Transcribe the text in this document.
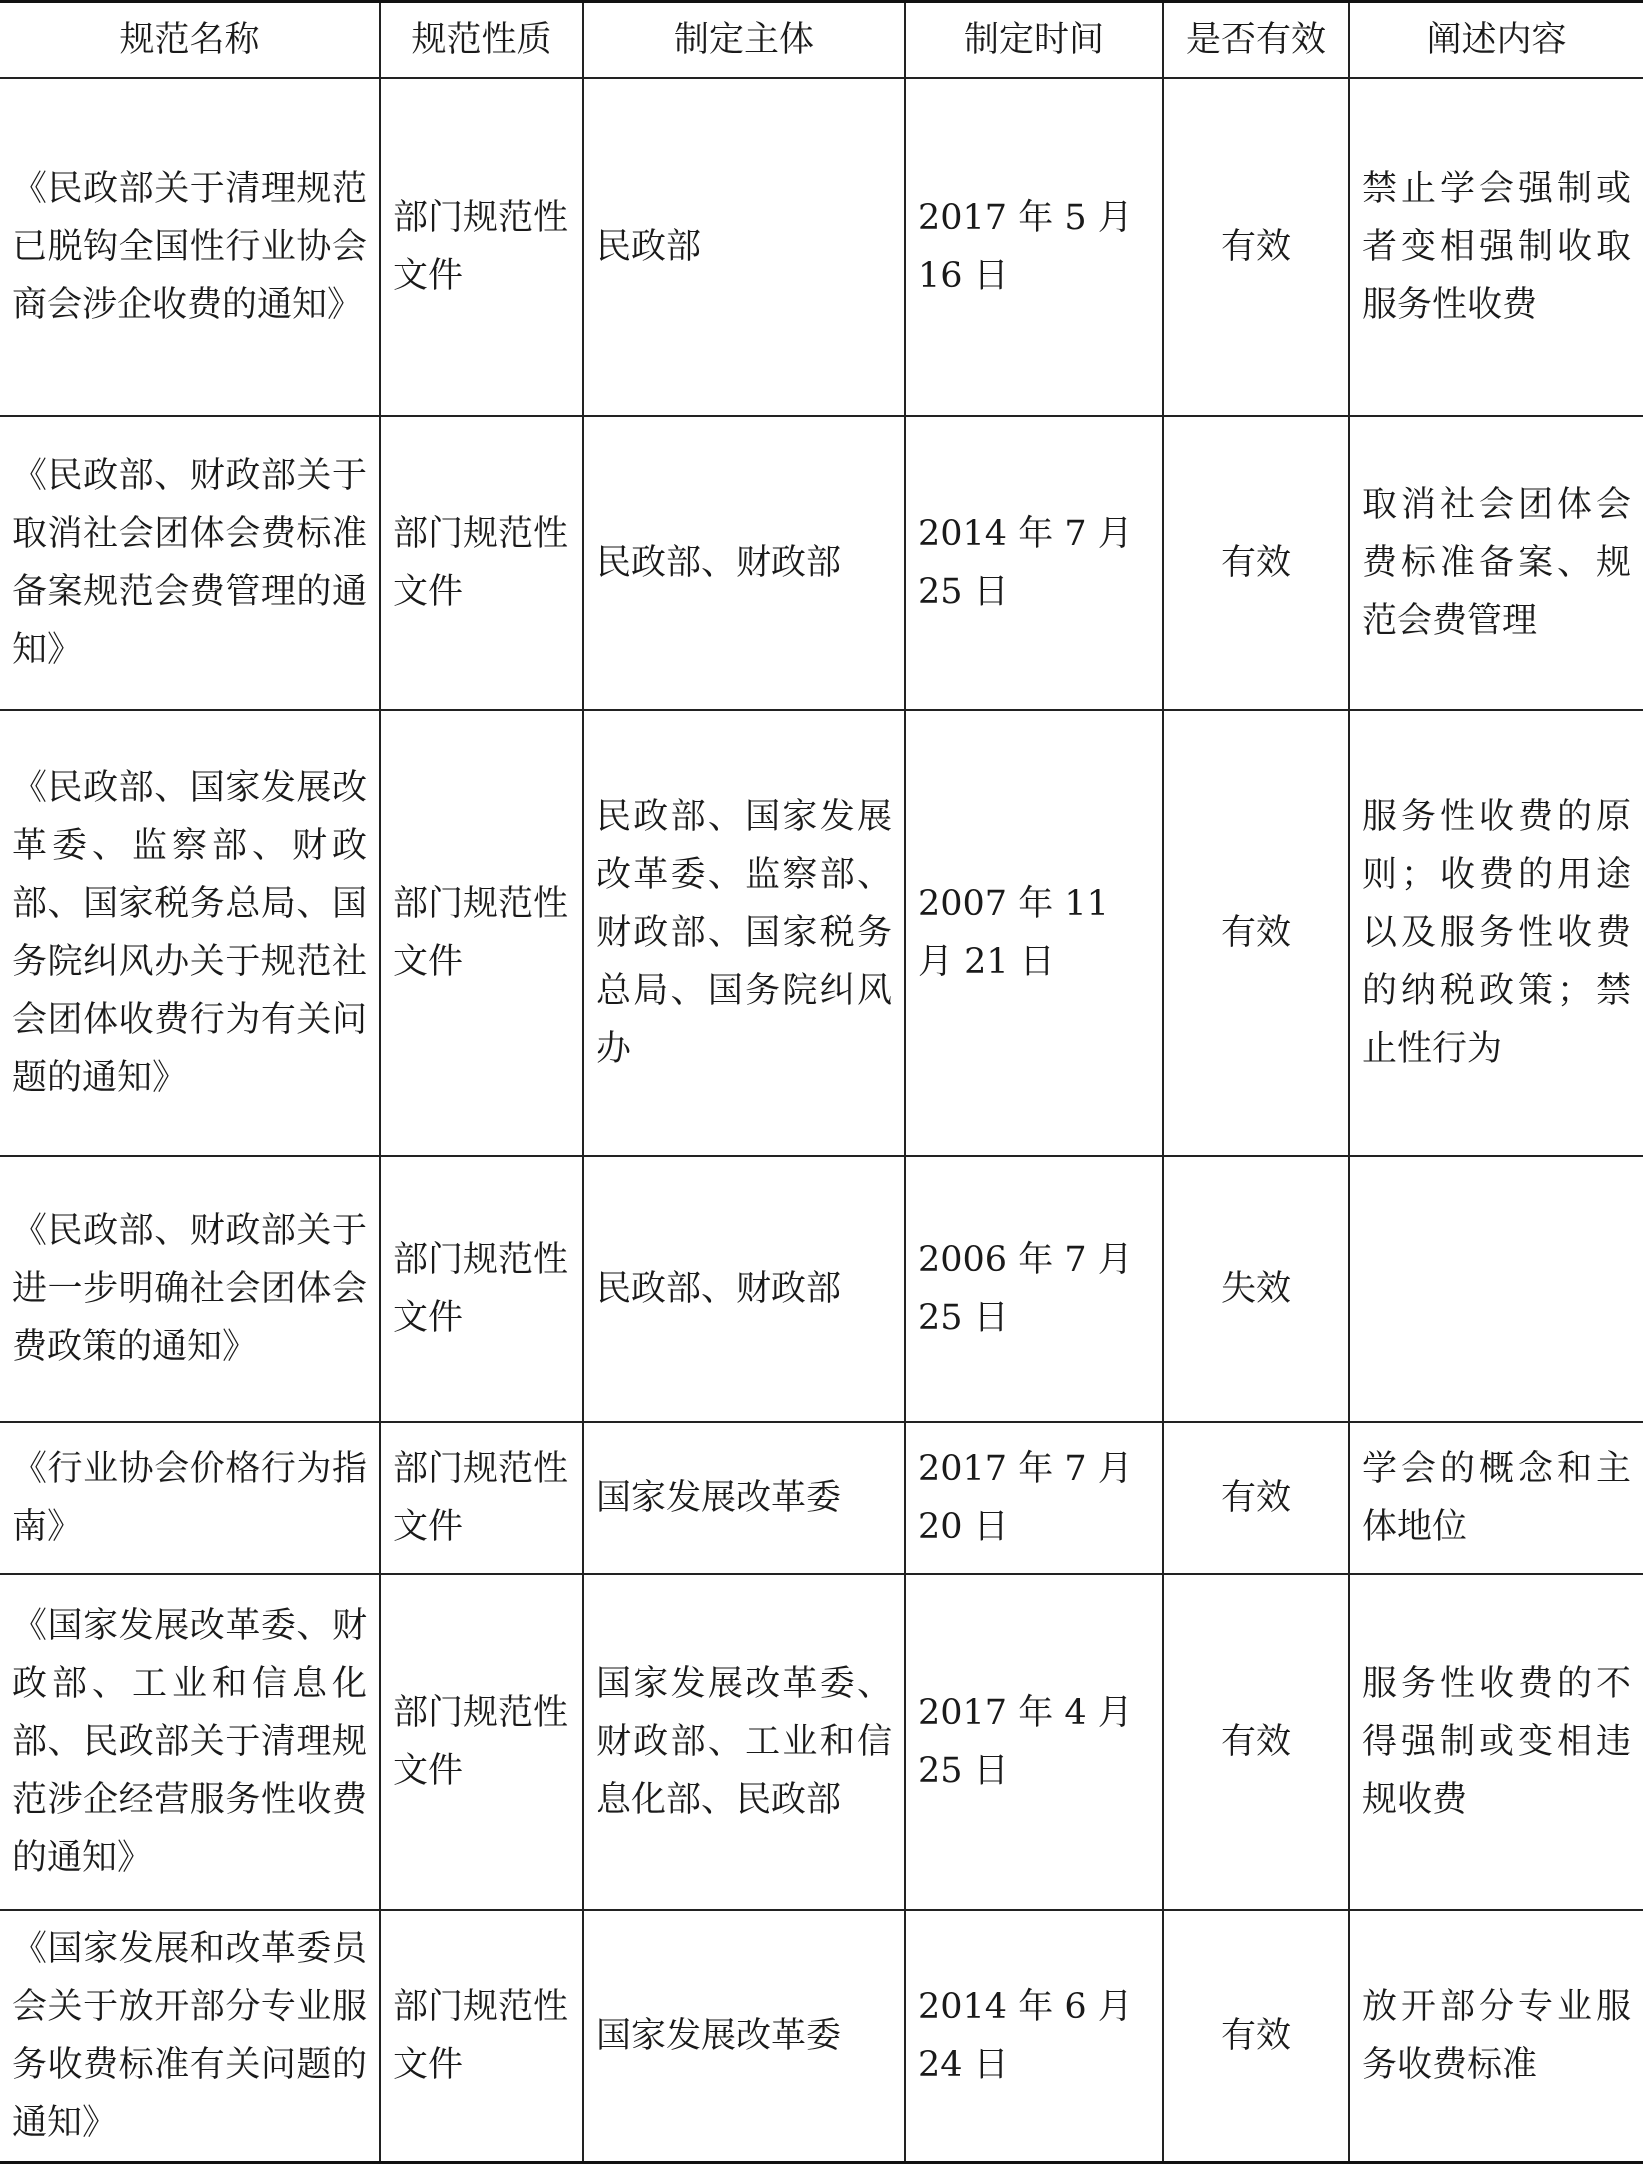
规范名称	规范性质	制定主体	制定时间	是否有效	阐述内容
《民政部关于清理规范已脱钩全国性行业协会商会涉企收费的通知》	部门规范性文件	民政部	2017 年 5 月 16 日	有效	禁止学会强制或者变相强制收取服务性收费
《民政部、财政部关于取消社会团体会费标准备案规范会费管理的通知》	部门规范性文件	民政部、财政部	2014 年 7 月 25 日	有效	取消社会团体会费标准备案、规范会费管理
《民政部、国家发展改革委、监察部、财政部、国家税务总局、国务院纠风办关于规范社会团体收费行为有关问题的通知》	部门规范性文件	民政部、国家发展改革委、监察部、财政部、国家税务总局、国务院纠风办	2007 年 11 月 21 日	有效	服务性收费的原则；收费的用途以及服务性收费的纳税政策；禁止性行为
《民政部、财政部关于进一步明确社会团体会费政策的通知》	部门规范性文件	民政部、财政部	2006 年 7 月 25 日	失效	
《行业协会价格行为指南》	部门规范性文件	国家发展改革委	2017 年 7 月 20 日	有效	学会的概念和主体地位
《国家发展改革委、财政部、工业和信息化部、民政部关于清理规范涉企经营服务性收费的通知》	部门规范性文件	国家发展改革委、财政部、工业和信息化部、民政部	2017 年 4 月 25 日	有效	服务性收费的不得强制或变相违规收费
《国家发展和改革委员会关于放开部分专业服务收费标准有关问题的通知》	部门规范性文件	国家发展改革委	2014 年 6 月 24 日	有效	放开部分专业服务收费标准
